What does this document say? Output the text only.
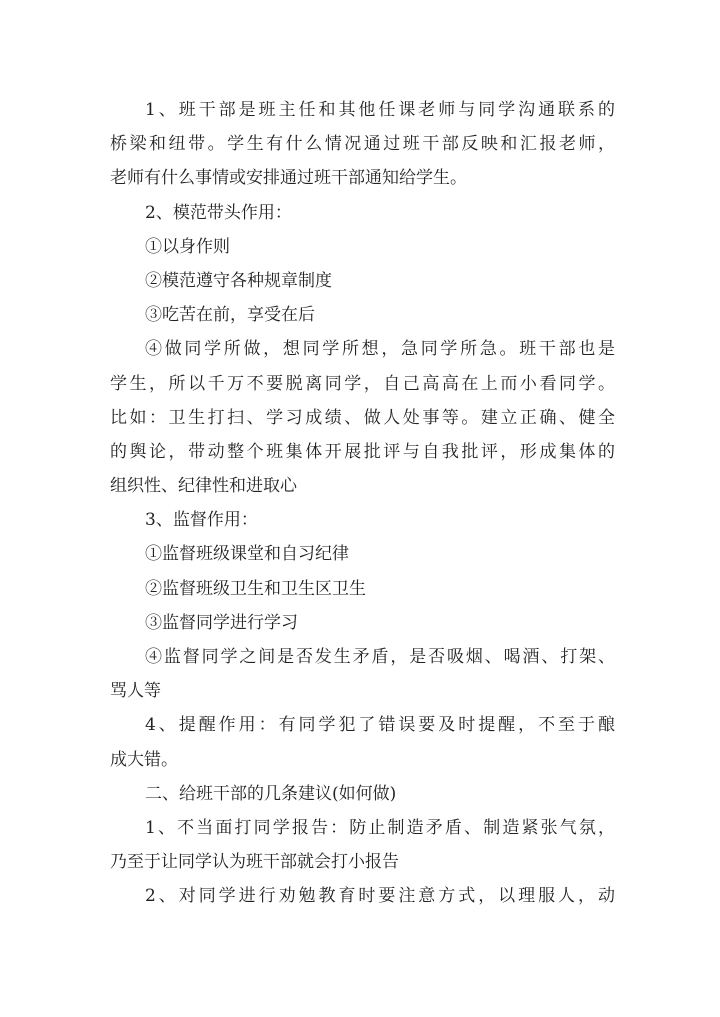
1、班干部是班主任和其他任课老师与同学沟通联系的
桥梁和纽带。学生有什么情况通过班干部反映和汇报老师，
老师有什么事情或安排通过班干部通知给学生。
2、模范带头作用：
①以身作则
②模范遵守各种规章制度
③吃苦在前，享受在后
④做同学所做，想同学所想，急同学所急。班干部也是
学生，所以千万不要脱离同学，自己高高在上而小看同学。
比如：卫生打扫、学习成绩、做人处事等。建立正确、健全
的舆论，带动整个班集体开展批评与自我批评，形成集体的
组织性、纪律性和进取心
3、监督作用：
①监督班级课堂和自习纪律
②监督班级卫生和卫生区卫生
③监督同学进行学习
④监督同学之间是否发生矛盾，是否吸烟、喝酒、打架、
骂人等
4、提醒作用：有同学犯了错误要及时提醒，不至于酿
成大错。
二、给班干部的几条建议(如何做)
1、不当面打同学报告：防止制造矛盾、制造紧张气氛，
乃至于让同学认为班干部就会打小报告
2、对同学进行劝勉教育时要注意方式，以理服人，动
